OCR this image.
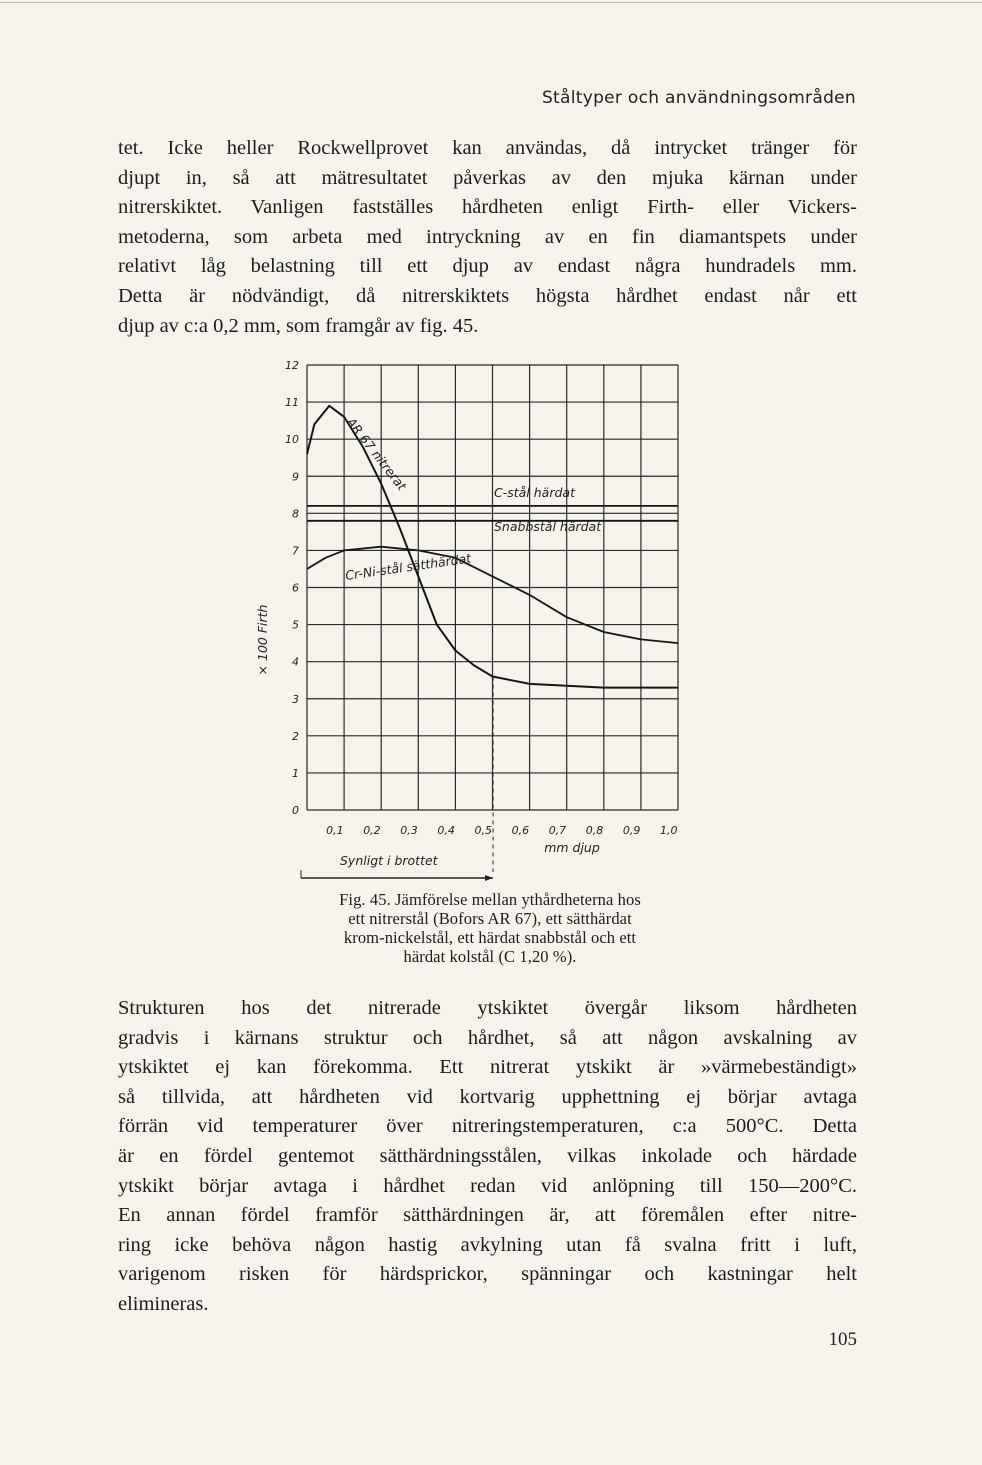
Ståltyper och användningsområden

tet. Icke heller Rockwellprovet kan användas, då intrycket tränger för
djupt in, så att mätresultatet påverkas av den mjuka kärnan under
nitrerskiktet. Vanligen fastställes hårdheten enligt Firth- eller Vickers-
metoderna, som arbeta med intryckning av en fin diamantspets under
relativt låg belastning till ett djup av endast några hundradels mm.
Detta är nödvändigt, då nitrerskiktets högsta hårdhet endast når ett
djup av c:a 0,2 mm, som framgår av fig. 45.

0
1
2
3
4
5
6
7
8
9
10
11
12
0,1 0,2 0,3 0,4 0,5 0,6 0,7 0,8 0,9 1,0
× 100 Firth
mm djup
Synligt i brottet
AR 67 nitrerat	C-stål härdat
Snabbstål härdat
Cr-Ni-stål sätthärdat

Fig. 45. Jämförelse mellan ythårdheterna hos
ett nitrerstål (Bofors AR 67), ett sätthärdat
krom-nickelstål, ett härdat snabbstål och ett
härdat kolstål (C 1,20 %).

Strukturen hos det nitrerade ytskiktet övergår liksom hårdheten
gradvis i kärnans struktur och hårdhet, så att någon avskalning av
ytskiktet ej kan förekomma. Ett nitrerat ytskikt är »värmebeständigt»
så tillvida, att hårdheten vid kortvarig upphettning ej börjar avtaga
förrän vid temperaturer över nitreringstemperaturen, c:a 500°C. Detta
är en fördel gentemot sätthärdningsstålen, vilkas inkolade och härdade
ytskikt börjar avtaga i hårdhet redan vid anlöpning till 150—200°C.
En annan fördel framför sätthärdningen är, att föremålen efter nitre-
ring icke behöva någon hastig avkylning utan få svalna fritt i luft,
varigenom risken för härdsprickor, spänningar och kastningar helt
elimineras.

105
